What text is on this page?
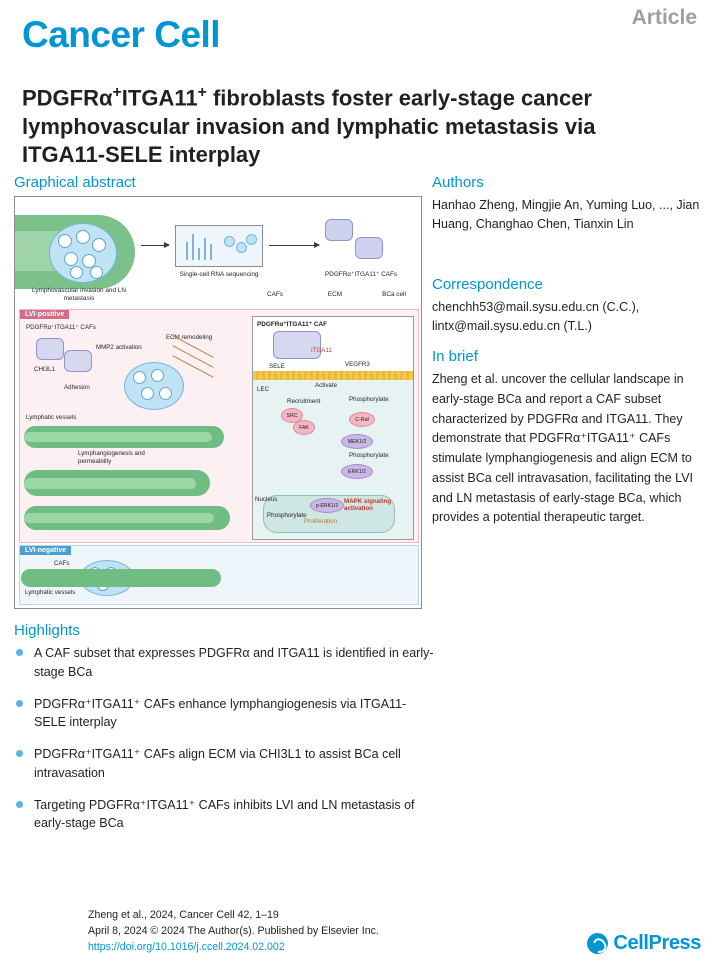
Cancer Cell	Article
PDGFRα+ITGA11+ fibroblasts foster early-stage cancer lymphovascular invasion and lymphatic metastasis via ITGA11-SELE interplay
Graphical abstract
Lymphovascular invasion and LN metastasis
Single-cell RNA sequencing	PDGFRα⁺ITGA11⁺ CAFs
CAFs	ECM	BCa cell
LVI-positive
PDGFRα⁺ITGA11⁺ CAFs
CHI3L1
MMP2 activation
ECM remodeling
Adhesion
Lymphatic vessels
Lymphangiogenesis and permeability
PDGFRα⁺ITGA11⁺ CAF
ITGA11
SELE	VEGFR3
LEC
Activate
Phosphorylate
Recruitment
SRC
FAK
C-Raf
MEK1/2
Phosphorylate
ERK1/2
p-ERK1/2
MAPK signaling activation
Proliferation
Nucleus
Phosphorylate
LVI-negative
CAFs
Lymphatic vessels
Authors
Hanhao Zheng, Mingjie An, Yuming Luo, ..., Jian Huang, Changhao Chen, Tianxin Lin
Correspondence
chenchh53@mail.sysu.edu.cn (C.C.),
lintx@mail.sysu.edu.cn (T.L.)
In brief
Zheng et al. uncover the cellular landscape in early-stage BCa and report a CAF subset characterized by PDGFRα and ITGA11. They demonstrate that PDGFRα⁺ITGA11⁺ CAFs stimulate lymphangiogenesis and align ECM to assist BCa cell intravasation, facilitating the LVI and LN metastasis of early-stage BCa, which provides a potential therapeutic target.
Highlights
A CAF subset that expresses PDGFRα and ITGA11 is identified in early-stage BCa
PDGFRα⁺ITGA11⁺ CAFs enhance lymphangiogenesis via ITGA11-SELE interplay
PDGFRα⁺ITGA11⁺ CAFs align ECM via CHI3L1 to assist BCa cell intravasation
Targeting PDGFRα⁺ITGA11⁺ CAFs inhibits LVI and LN metastasis of early-stage BCa
Zheng et al., 2024, Cancer Cell 42, 1–19
April 8, 2024 © 2024 The Author(s). Published by Elsevier Inc.
https://doi.org/10.1016/j.ccell.2024.02.002	CellPress
